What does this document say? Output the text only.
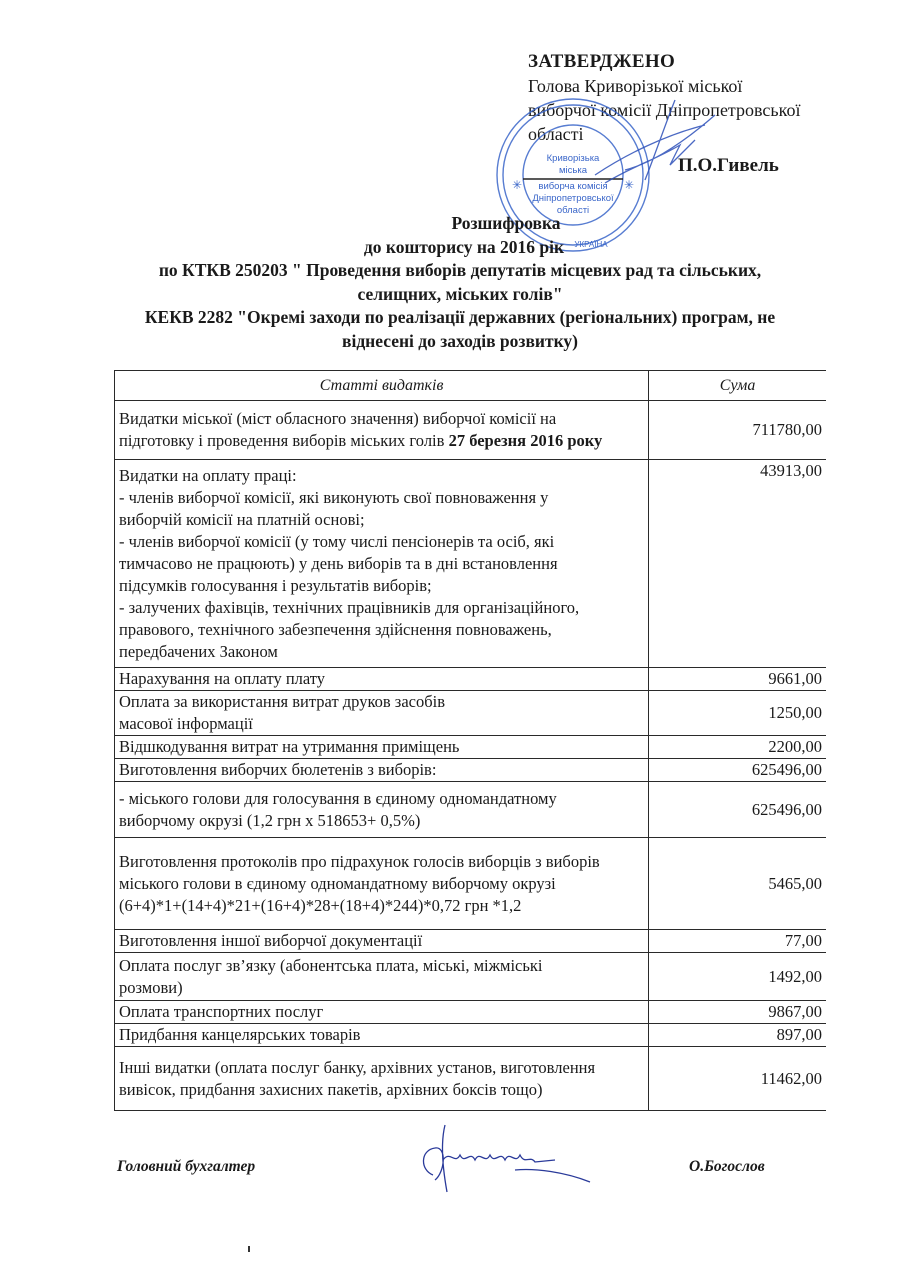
ЗАТВЕРДЖЕНО
Голова Криворізької міської
виборчої комісії Дніпропетровської
області
П.О.Гивель
Криворізька
міська
виборча комісія
Дніпропетровської
області
УКРАЇНА
✳	✳
Розшифровка
до кошторису на 2016 рік
по КТКВ 250203 " Проведення виборів депутатів місцевих рад та сільських,
селищних, міських голів"
КЕКВ 2282 "Окремі заходи по реалізації державних (регіональних) програм, не
віднесені до заходів розвитку)
Статті видатків	Сума

Видатки міської (міст обласного значення) виборчої комісії на
підготовку і проведення виборів міських голів 27 березня 2016 року	711780,00

Видатки на оплату праці:
- членів виборчої комісії, які виконують свої повноваження у
виборчій комісії на платній основі;
- членів виборчої комісії (у тому числі пенсіонерів та осіб, які
тимчасово не працюють) у день виборів та в дні встановлення
підсумків голосування і результатів виборів;
- залучених фахівців, технічних працівників для організаційного,
правового, технічного забезпечення здійснення повноважень,
передбачених Законом
	43913,00
Нарахування на оплату плату	9661,00

Оплата за використання витрат друков засобів
масової інформації	1250,00
Відшкодування витрат на утримання приміщень	2200,00
Виготовлення виборчих бюлетенів з виборів:	625496,00

- міського голови для голосування в єдиному одномандатному
виборчому окрузі (1,2 грн х 518653+ 0,5%)	625496,00

Виготовлення протоколів про підрахунок голосів виборців з виборів
міського голови в єдиному одномандатному виборчому окрузі
(6+4)*1+(14+4)*21+(16+4)*28+(18+4)*244)*0,72 грн *1,2	5465,00
Виготовлення іншої виборчої документації	77,00

Оплата послуг зв’язку (абонентська плата, міські, міжміські
розмови)	1492,00
Оплата транспортних послуг	9867,00
Придбання канцелярських товарів	897,00

Інші видатки (оплата послуг банку, архівних установ, виготовлення
вивісок, придбання захисних пакетів, архівних боксів тощо)	11462,00
Головний бухгалтер	О.Богослов
